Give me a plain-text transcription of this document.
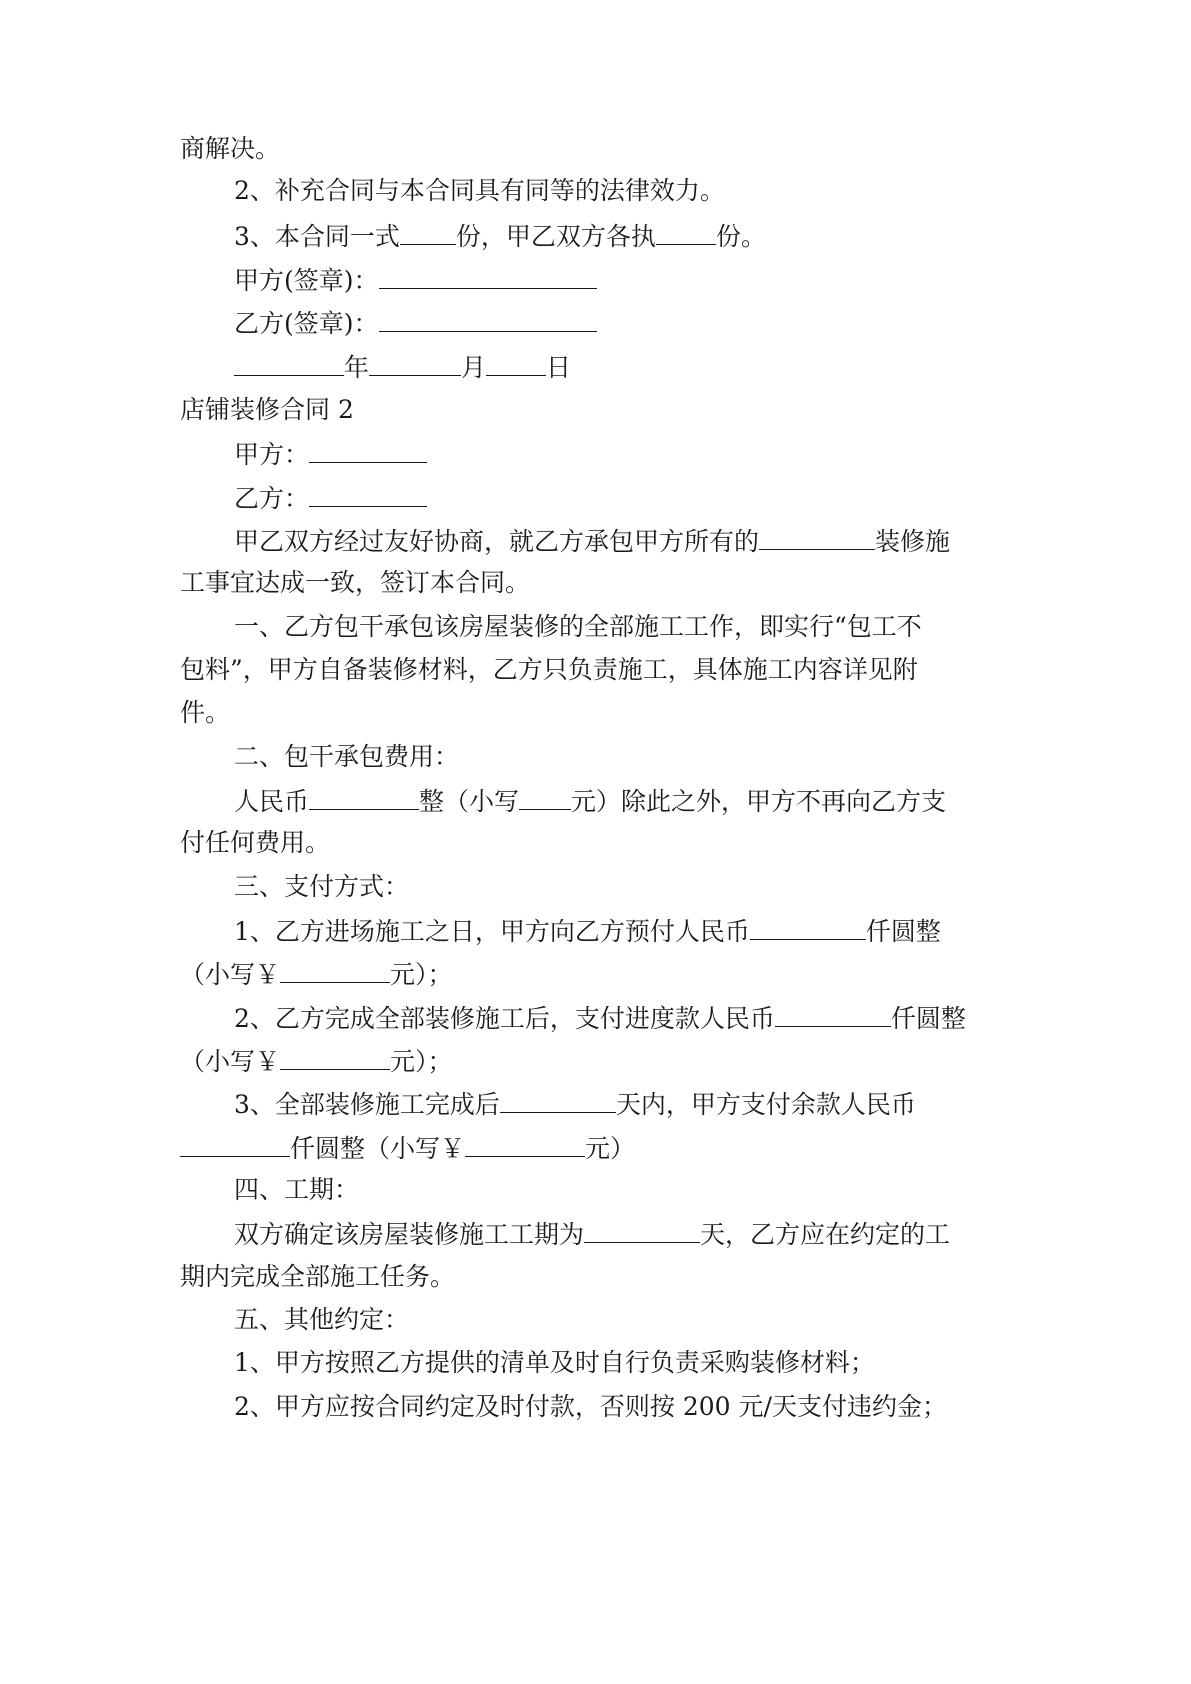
商解决。

2、补充合同与本合同具有同等的法律效力。

3、本合同一式 份，甲乙双方各执 份。

甲方(签章)：

乙方(签章)：

年	月 日

店铺装修合同 2

甲方：

乙方：

甲乙双方经过友好协商，就乙方承包甲方所有的	装修施

工事宜达成一致，签订本合同。

一、乙方包干承包该房屋装修的全部施工工作，即实行“包工不

包料”，甲方自备装修材料，乙方只负责施工，具体施工内容详见附

件。

二、包干承包费用：

人民币	整（小写 元）除此之外，甲方不再向乙方支

付任何费用。

三、支付方式：

1、乙方进场施工之日，甲方向乙方预付人民币	仟圆整

（小写￥	元）；

2、乙方完成全部装修施工后，支付进度款人民币	仟圆整

（小写￥	元）；

3、全部装修施工完成后	天内，甲方支付余款人民币

仟圆整（小写￥	元）

四、工期：

双方确定该房屋装修施工工期为	天，乙方应在约定的工

期内完成全部施工任务。

五、其他约定：

1、甲方按照乙方提供的清单及时自行负责采购装修材料；

2、甲方应按合同约定及时付款，否则按 200 元/天支付违约金；
